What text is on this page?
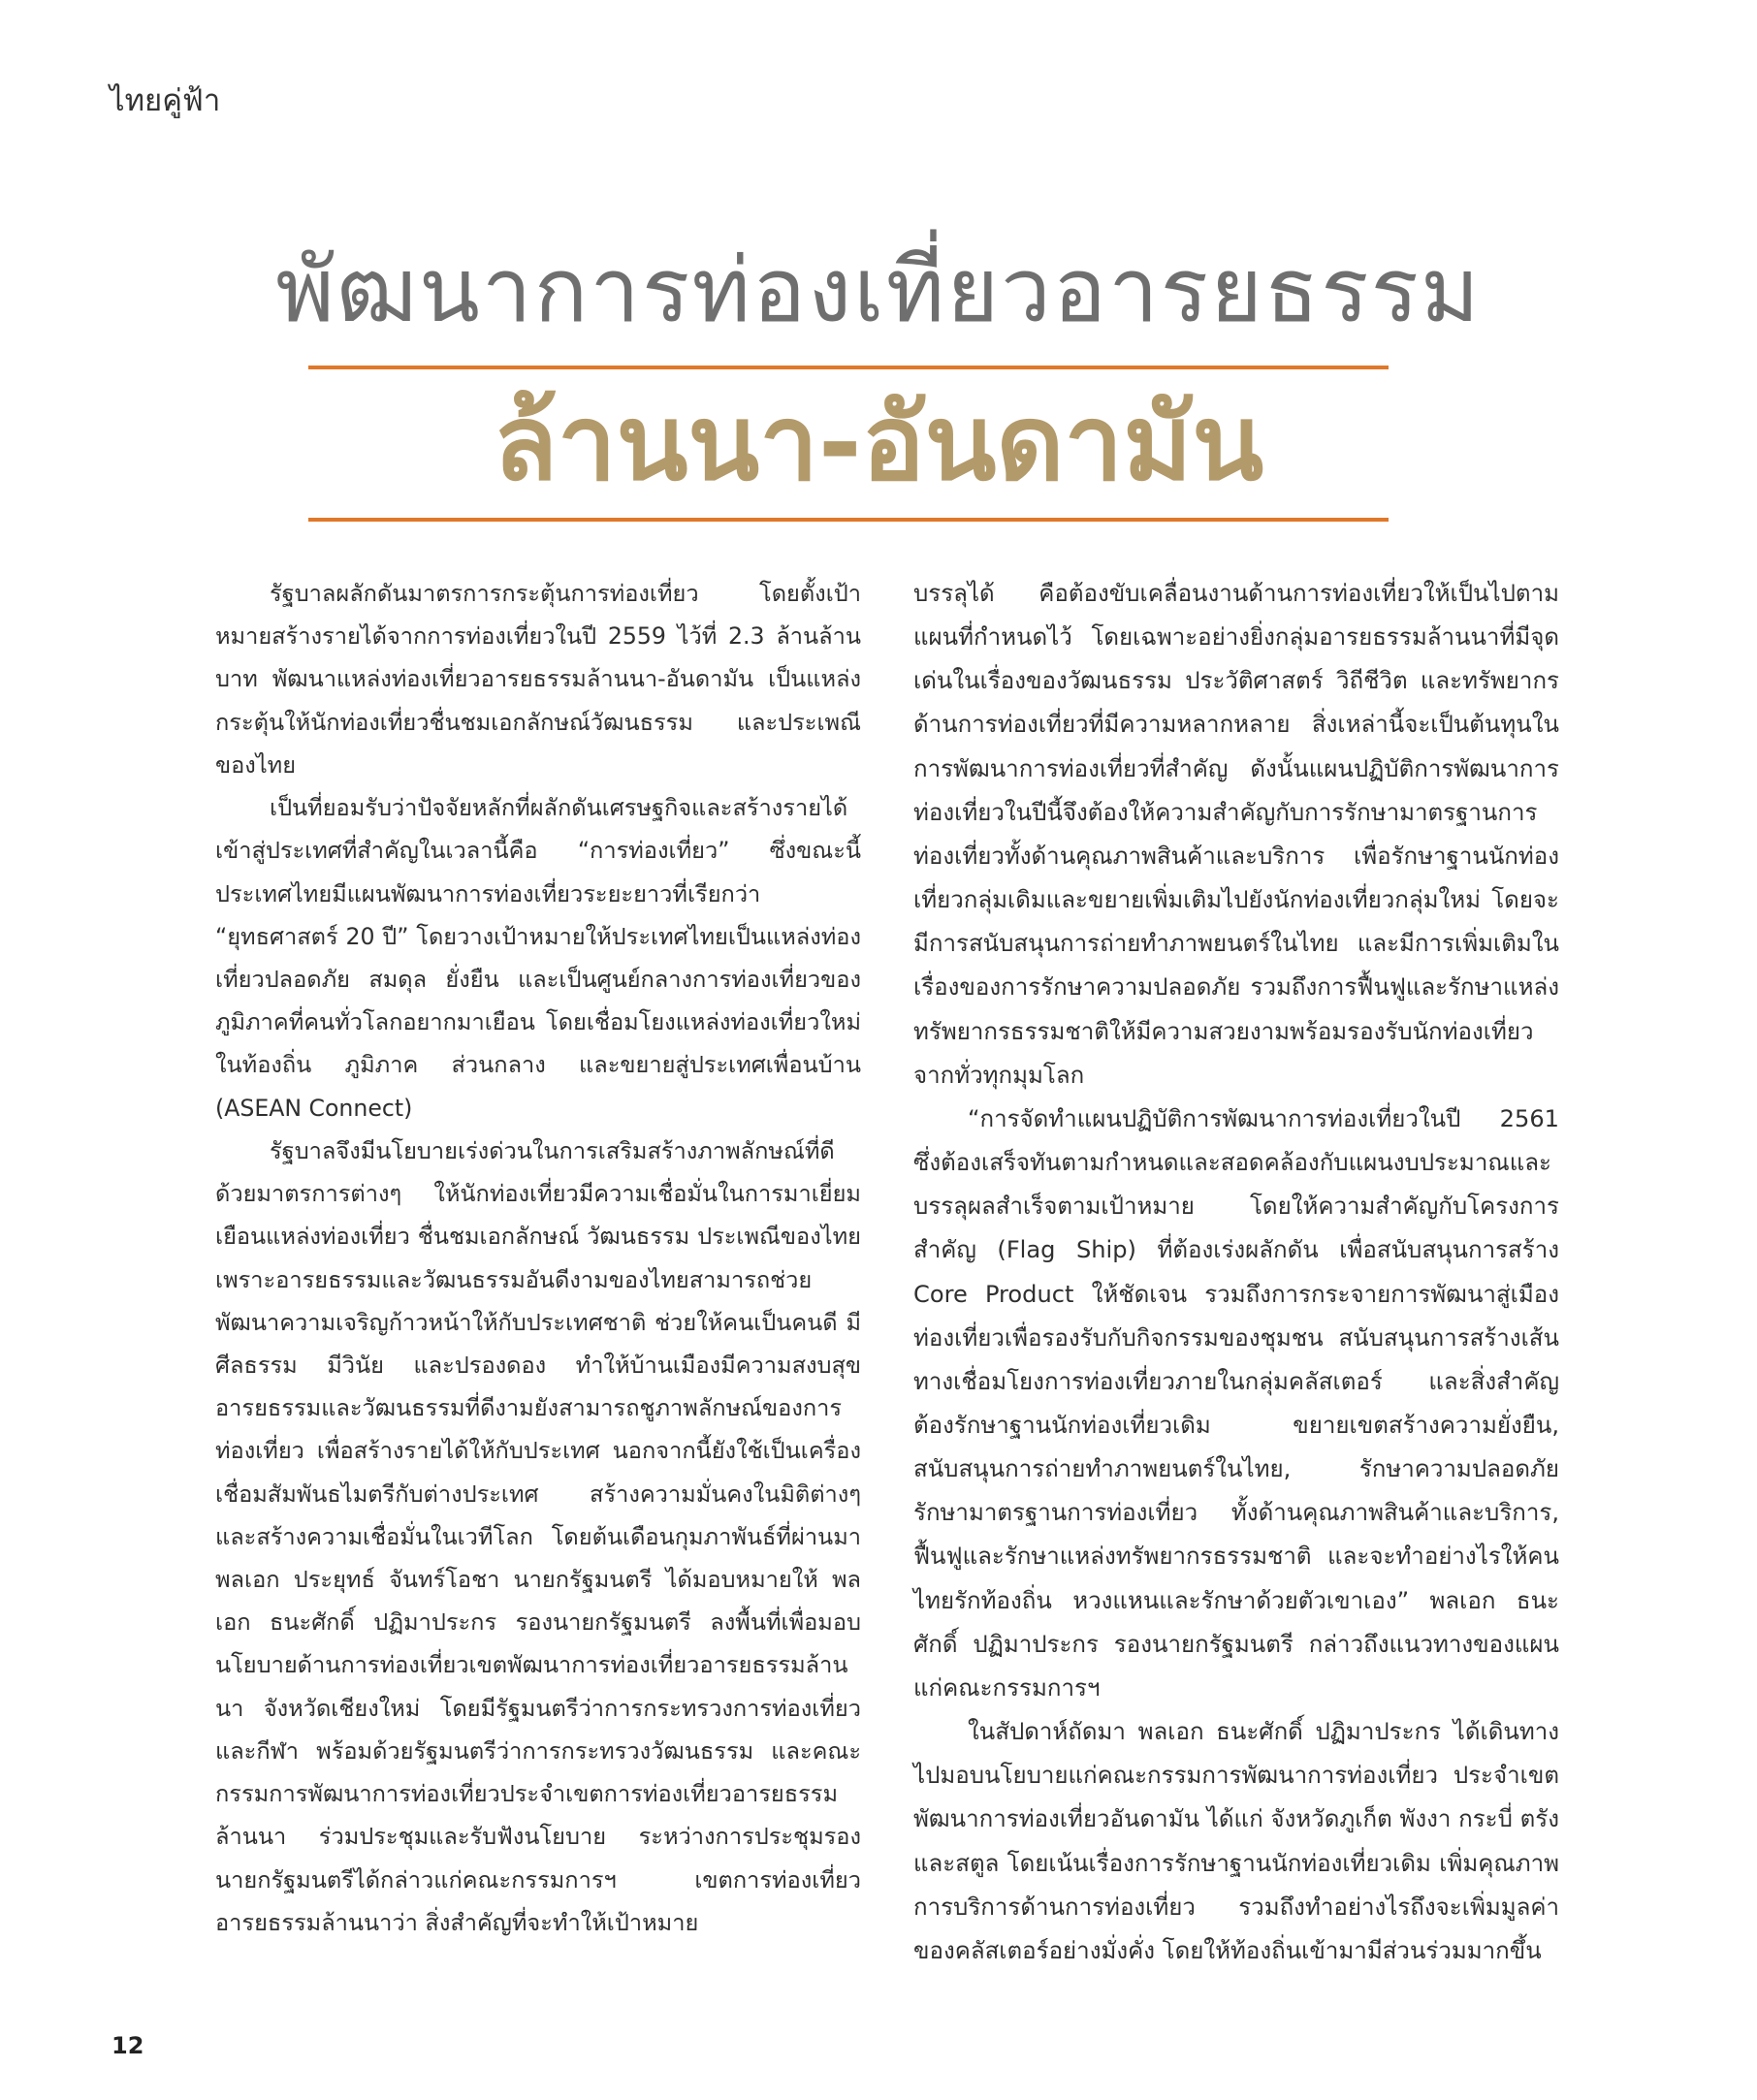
ไทยคู่ฟ้า
พัฒนาการท่องเที่ยวอารยธรรม
ล้านนา-อันดามัน

รัฐบาลผลักดันมาตรการกระตุ้นการท่องเที่ยว โดยตั้งเป้าหมายสร้างรายได้จากการท่องเที่ยวในปี 2559 ไว้ที่ 2.3 ล้านล้านบาท พัฒนาแหล่งท่องเที่ยวอารยธรรมล้านนา-อันดามัน เป็นแหล่งกระตุ้นให้นักท่องเที่ยวชื่นชมเอกลักษณ์วัฒนธรรม และประเพณีของไทย

เป็นที่ยอมรับว่าปัจจัยหลักที่ผลักดันเศรษฐกิจและสร้างรายได้เข้าสู่ประเทศที่สำคัญในเวลานี้คือ “การท่องเที่ยว” ซึ่งขณะนี้ประเทศไทยมีแผนพัฒนาการท่องเที่ยวระยะยาวที่เรียกว่า “ยุทธศาสตร์ 20 ปี” โดยวางเป้าหมายให้ประเทศไทยเป็นแหล่งท่องเที่ยวปลอดภัย สมดุล ยั่งยืน และเป็นศูนย์กลางการท่องเที่ยวของภูมิภาคที่คนทั่วโลกอยากมาเยือน โดยเชื่อมโยงแหล่งท่องเที่ยวใหม่ในท้องถิ่น ภูมิภาค ส่วนกลาง และขยายสู่ประเทศเพื่อนบ้าน (ASEAN Connect)

รัฐบาลจึงมีนโยบายเร่งด่วนในการเสริมสร้างภาพลักษณ์ที่ดีด้วยมาตรการต่างๆ ให้นักท่องเที่ยวมีความเชื่อมั่นในการมาเยี่ยมเยือนแหล่งท่องเที่ยว ชื่นชมเอกลักษณ์ วัฒนธรรม ประเพณีของไทย เพราะอารยธรรมและวัฒนธรรมอันดีงามของไทยสามารถช่วยพัฒนาความเจริญก้าวหน้าให้กับประเทศชาติ ช่วยให้คนเป็นคนดี มีศีลธรรม มีวินัย และปรองดอง ทำให้บ้านเมืองมีความสงบสุข อารยธรรมและวัฒนธรรมที่ดีงามยังสามารถชูภาพลักษณ์ของการท่องเที่ยว เพื่อสร้างรายได้ให้กับประเทศ นอกจากนี้ยังใช้เป็นเครื่องเชื่อมสัมพันธไมตรีกับต่างประเทศ สร้างความมั่นคงในมิติต่างๆ และสร้างความเชื่อมั่นในเวทีโลก โดยต้นเดือนกุมภาพันธ์ที่ผ่านมา พลเอก ประยุทธ์ จันทร์โอชา นายกรัฐมนตรี ได้มอบหมายให้ พลเอก ธนะศักดิ์ ปฏิมาประกร รองนายกรัฐมนตรี ลงพื้นที่เพื่อมอบนโยบายด้านการท่องเที่ยวเขตพัฒนาการท่องเที่ยวอารยธรรมล้านนา จังหวัดเชียงใหม่ โดยมีรัฐมนตรีว่าการกระทรวงการท่องเที่ยวและกีฬา พร้อมด้วยรัฐมนตรีว่าการกระทรวงวัฒนธรรม และคณะกรรมการพัฒนาการท่องเที่ยวประจำเขตการท่องเที่ยวอารยธรรมล้านนา ร่วมประชุมและรับฟังนโยบาย ระหว่างการประชุมรองนายกรัฐมนตรีได้กล่าวแก่คณะกรรมการฯ เขตการท่องเที่ยวอารยธรรมล้านนาว่า สิ่งสำคัญที่จะทำให้เป้าหมาย

บรรลุได้ คือต้องขับเคลื่อนงานด้านการท่องเที่ยวให้เป็นไปตามแผนที่กำหนดไว้ โดยเฉพาะอย่างยิ่งกลุ่มอารยธรรมล้านนาที่มีจุดเด่นในเรื่องของวัฒนธรรม ประวัติศาสตร์ วิถีชีวิต และทรัพยากรด้านการท่องเที่ยวที่มีความหลากหลาย สิ่งเหล่านี้จะเป็นต้นทุนในการพัฒนาการท่องเที่ยวที่สำคัญ ดังนั้นแผนปฏิบัติการพัฒนาการท่องเที่ยวในปีนี้จึงต้องให้ความสำคัญกับการรักษามาตรฐานการท่องเที่ยวทั้งด้านคุณภาพสินค้าและบริการ เพื่อรักษาฐานนักท่องเที่ยวกลุ่มเดิมและขยายเพิ่มเติมไปยังนักท่องเที่ยวกลุ่มใหม่ โดยจะมีการสนับสนุนการถ่ายทำภาพยนตร์ในไทย และมีการเพิ่มเติมในเรื่องของการรักษาความปลอดภัย รวมถึงการฟื้นฟูและรักษาแหล่งทรัพยากรธรรมชาติให้มีความสวยงามพร้อมรองรับนักท่องเที่ยวจากทั่วทุกมุมโลก

“การจัดทำแผนปฏิบัติการพัฒนาการท่องเที่ยวในปี 2561 ซึ่งต้องเสร็จทันตามกำหนดและสอดคล้องกับแผนงบประมาณและบรรลุผลสำเร็จตามเป้าหมาย โดยให้ความสำคัญกับโครงการสำคัญ (Flag Ship) ที่ต้องเร่งผลักดัน เพื่อสนับสนุนการสร้าง Core Product ให้ชัดเจน รวมถึงการกระจายการพัฒนาสู่เมืองท่องเที่ยวเพื่อรองรับกับกิจกรรมของชุมชน สนับสนุนการสร้างเส้นทางเชื่อมโยงการท่องเที่ยวภายในกลุ่มคลัสเตอร์ และสิ่งสำคัญต้องรักษาฐานนักท่องเที่ยวเดิม ขยายเขตสร้างความยั่งยืน, สนับสนุนการถ่ายทำภาพยนตร์ในไทย, รักษาความปลอดภัย รักษามาตรฐานการท่องเที่ยว ทั้งด้านคุณภาพสินค้าและบริการ, ฟื้นฟูและรักษาแหล่งทรัพยากรธรรมชาติ และจะทำอย่างไรให้คนไทยรักท้องถิ่น หวงแหนและรักษาด้วยตัวเขาเอง” พลเอก ธนะศักดิ์ ปฏิมาประกร รองนายกรัฐมนตรี กล่าวถึงแนวทางของแผนแก่คณะกรรมการฯ

ในสัปดาห์ถัดมา พลเอก ธนะศักดิ์ ปฏิมาประกร ได้เดินทางไปมอบนโยบายแก่คณะกรรมการพัฒนาการท่องเที่ยว ประจำเขตพัฒนาการท่องเที่ยวอันดามัน ได้แก่ จังหวัดภูเก็ต พังงา กระบี่ ตรัง และสตูล โดยเน้นเรื่องการรักษาฐานนักท่องเที่ยวเดิม เพิ่มคุณภาพการบริการด้านการท่องเที่ยว รวมถึงทำอย่างไรถึงจะเพิ่มมูลค่าของคลัสเตอร์อย่างมั่งคั่ง โดยให้ท้องถิ่นเข้ามามีส่วนร่วมมากขึ้น

12
